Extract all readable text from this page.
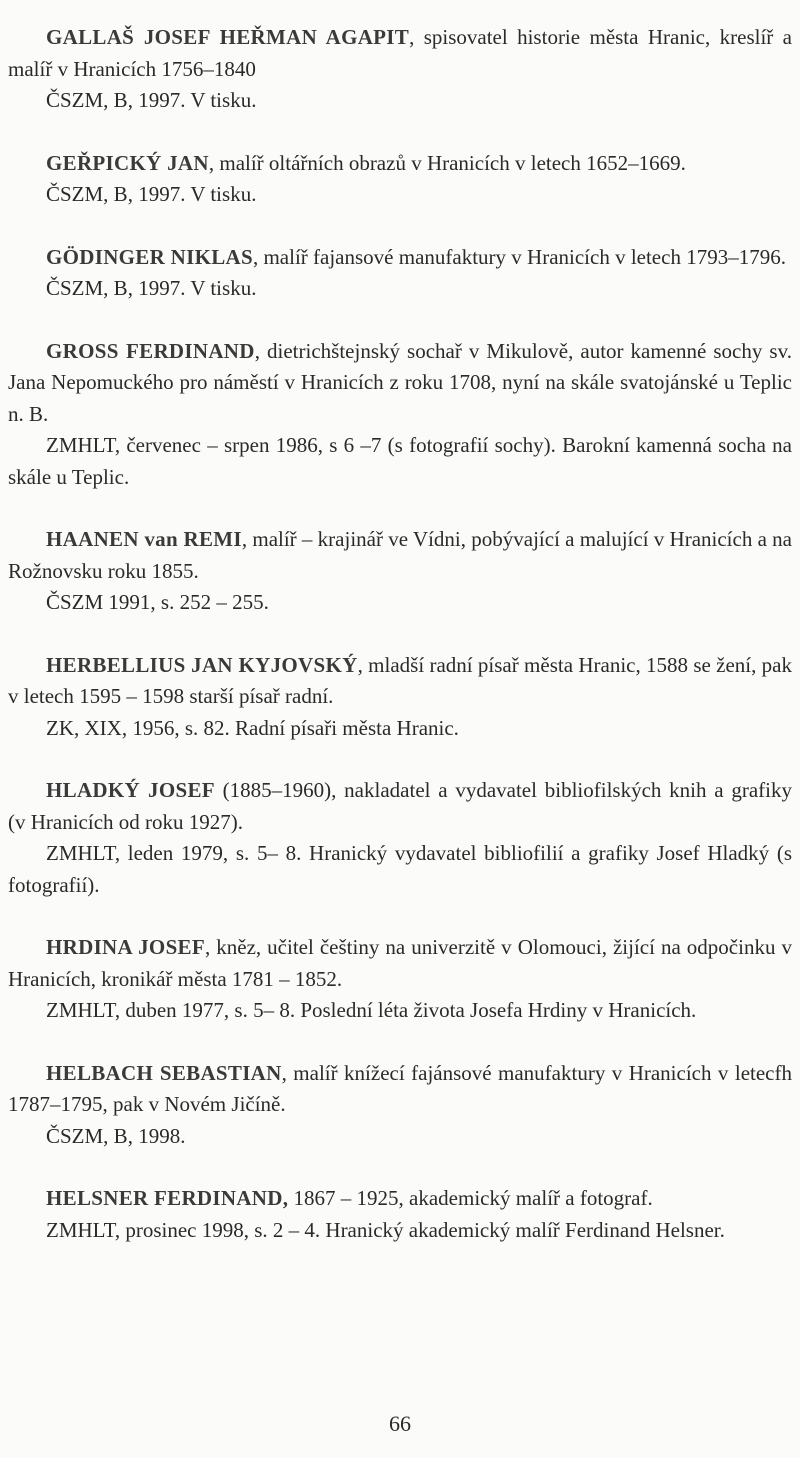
GALLAŠ JOSEF HEŘMAN AGAPIT, spisovatel historie města Hranic, kreslíř a malíř v Hranicích 1756–1840
ČSZM, B, 1997. V tisku.

GEŘPICKÝ JAN, malíř oltářních obrazů v Hranicích v letech 1652–1669.
ČSZM, B, 1997. V tisku.

GÖDINGER NIKLAS, malíř fajansové manufaktury v Hranicích v letech 1793–1796.
ČSZM, B, 1997. V tisku.

GROSS FERDINAND, dietrichštejnský sochař v Mikulově, autor kamenné sochy sv. Jana Nepomuckého pro náměstí v Hranicích z roku 1708, nyní na skále svatojánské u Teplic n. B.
ZMHLT, červenec – srpen 1986, s 6 –7 (s fotografií sochy). Barokní kamenná socha na skále u Teplic.

HAANEN van REMI, malíř – krajinář ve Vídni, pobývající a malující v Hranicích a na Rožnovsku roku 1855.
ČSZM 1991, s. 252 – 255.

HERBELLIUS JAN KYJOVSKÝ, mladší radní písař města Hranic, 1588 se žení, pak v letech 1595 – 1598 starší písař radní.
ZK, XIX, 1956, s. 82. Radní písaři města Hranic.

HLADKÝ JOSEF (1885–1960), nakladatel a vydavatel bibliofilských knih a grafiky (v Hranicích od roku 1927).
ZMHLT, leden 1979, s. 5– 8. Hranický vydavatel bibliofilií a grafiky Josef Hladký (s fotografií).

HRDINA JOSEF, kněz, učitel češtiny na univerzitě v Olomouci, žijící na odpočinku v Hranicích, kronikář města 1781 – 1852.
ZMHLT, duben 1977, s. 5– 8. Poslední léta života Josefa Hrdiny v Hranicích.

HELBACH SEBASTIAN, malíř knížecí fajánsové manufaktury v Hranicích v letecfh 1787–1795, pak v Novém Jičíně.
ČSZM, B, 1998.

HELSNER FERDINAND, 1867 – 1925, akademický malíř a fotograf.
ZMHLT, prosinec 1998, s. 2 – 4. Hranický akademický malíř Ferdinand Helsner.

66
